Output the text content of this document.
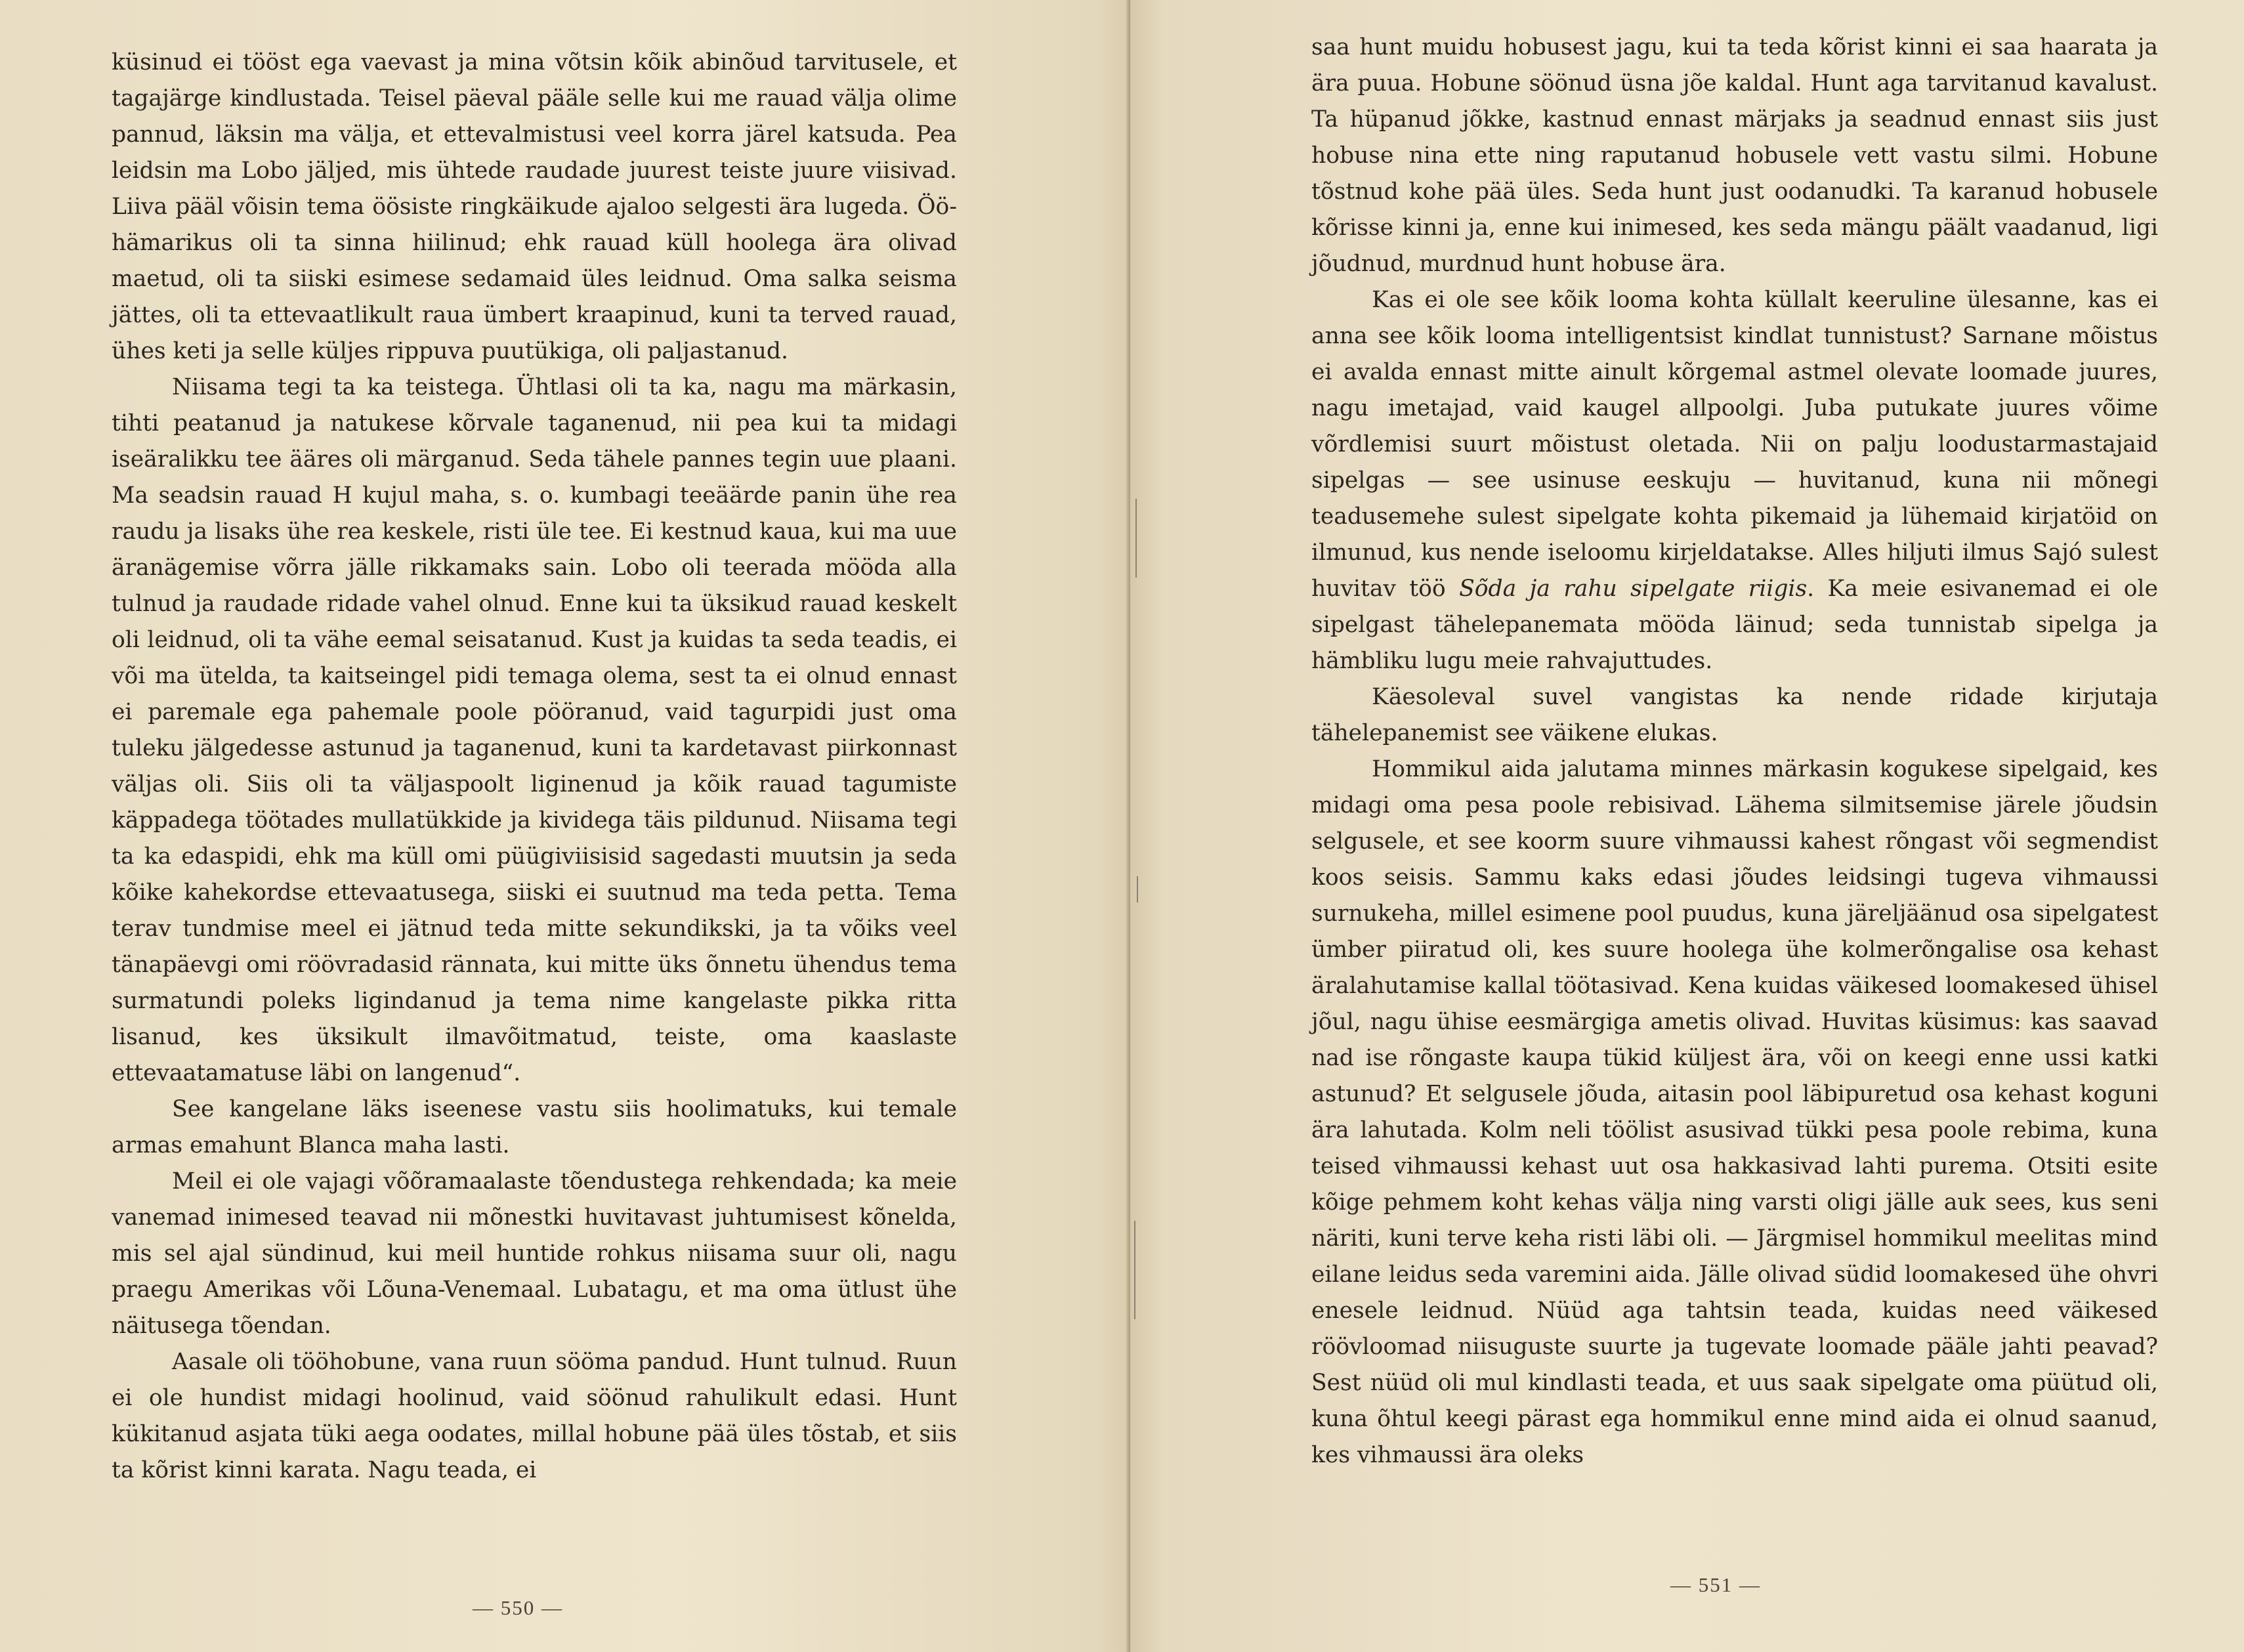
küsinud ei tööst ega vaevast ja mina võtsin kõik abinõud tarvitusele, et tagajärge kindlustada. Teisel päeval pääle selle kui me rauad välja olime pannud, läksin ma välja, et ettevalmistusi veel korra järel katsuda. Pea leidsin ma Lobo jäljed, mis ühtede raudade juurest teiste juure viisivad. Liiva pääl võisin tema öösiste ringkäikude ajaloo selgesti ära lugeda. Öö-hämarikus oli ta sinna hiilinud; ehk rauad küll hoolega ära olivad maetud, oli ta siiski esimese sedamaid üles leidnud. Oma salka seisma jättes, oli ta ettevaatlikult raua ümbert kraapinud, kuni ta terved rauad, ühes keti ja selle küljes rippuva puutükiga, oli paljastanud.

Niisama tegi ta ka teistega. Ühtlasi oli ta ka, nagu ma märkasin, tihti peatanud ja natukese kõrvale taganenud, nii pea kui ta midagi iseäralikku tee ääres oli märganud. Seda tähele pannes tegin uue plaani. Ma seadsin rauad H kujul maha, s. o. kumbagi teeäärde panin ühe rea raudu ja lisaks ühe rea keskele, risti üle tee. Ei kestnud kaua, kui ma uue äranägemise võrra jälle rikkamaks sain. Lobo oli teerada mööda alla tulnud ja raudade ridade vahel olnud. Enne kui ta üksikud rauad keskelt oli leidnud, oli ta vähe eemal seisatanud. Kust ja kuidas ta seda teadis, ei või ma ütelda, ta kaitseingel pidi temaga olema, sest ta ei olnud ennast ei paremale ega pahemale poole pööranud, vaid tagurpidi just oma tuleku jälgedesse astunud ja taganenud, kuni ta kardetavast piirkonnast väljas oli. Siis oli ta väljaspoolt liginenud ja kõik rauad tagumiste käppadega töötades mullatükkide ja kividega täis pildunud. Niisama tegi ta ka edaspidi, ehk ma küll omi püügiviisisid sagedasti muutsin ja seda kõike kahekordse ettevaatusega, siiski ei suutnud ma teda petta. Tema terav tundmise meel ei jätnud teda mitte sekundikski, ja ta võiks veel tänapäevgi omi röövradasid rännata, kui mitte üks õnnetu ühendus tema surmatundi poleks ligindanud ja tema nime kangelaste pikka ritta lisanud, kes üksikult ilmavõitmatud, teiste, oma kaaslaste ettevaatamatuse läbi on langenud“.

See kangelane läks iseenese vastu siis hoolimatuks, kui temale armas emahunt Blanca maha lasti.

Meil ei ole vajagi võõramaalaste tõendustega rehkendada; ka meie vanemad inimesed teavad nii mõnestki huvitavast juhtumisest kõnelda, mis sel ajal sündinud, kui meil huntide rohkus niisama suur oli, nagu praegu Amerikas või Lõuna-Venemaal. Lubatagu, et ma oma ütlust ühe näitusega tõendan.

Aasale oli tööhobune, vana ruun sööma pandud. Hunt tulnud. Ruun ei ole hundist midagi hoolinud, vaid söönud rahulikult edasi. Hunt kükitanud asjata tüki aega oodates, millal hobune pää üles tõstab, et siis ta kõrist kinni karata. Nagu teada, ei

— 550 —

saa hunt muidu hobusest jagu, kui ta teda kõrist kinni ei saa haarata ja ära puua. Hobune söönud üsna jõe kaldal. Hunt aga tarvitanud kavalust. Ta hüpanud jõkke, kastnud ennast märjaks ja seadnud ennast siis just hobuse nina ette ning raputanud hobusele vett vastu silmi. Hobune tõstnud kohe pää üles. Seda hunt just oodanudki. Ta karanud hobusele kõrisse kinni ja, enne kui inimesed, kes seda mängu päält vaadanud, ligi jõudnud, murdnud hunt hobuse ära.

Kas ei ole see kõik looma kohta küllalt keeruline ülesanne, kas ei anna see kõik looma intelligentsist kindlat tunnistust? Sarnane mõistus ei avalda ennast mitte ainult kõrgemal astmel olevate loomade juures, nagu imetajad, vaid kaugel allpoolgi. Juba putukate juures võime võrdlemisi suurt mõistust oletada. Nii on palju loodustarmastajaid sipelgas — see usinuse eeskuju — huvitanud, kuna nii mõnegi teadusemehe sulest sipelgate kohta pikemaid ja lühemaid kirjatöid on ilmunud, kus nende iseloomu kirjeldatakse. Alles hiljuti ilmus Sajó sulest huvitav töö Sõda ja rahu sipelgate riigis. Ka meie esivanemad ei ole sipelgast tähelepanemata mööda läinud; seda tunnistab sipelga ja hämbliku lugu meie rahvajuttudes.

Käesoleval suvel vangistas ka nende ridade kirjutaja tähelepanemist see väikene elukas.

Hommikul aida jalutama minnes märkasin kogukese sipelgaid, kes midagi oma pesa poole rebisivad. Lähema silmitsemise järele jõudsin selgusele, et see koorm suure vihmaussi kahest rõngast või segmendist koos seisis. Sammu kaks edasi jõudes leidsingi tugeva vihmaussi surnukeha, millel esimene pool puudus, kuna järeljäänud osa sipelgatest ümber piiratud oli, kes suure hoolega ühe kolmerõngalise osa kehast äralahutamise kallal töötasivad. Kena kuidas väikesed loomakesed ühisel jõul, nagu ühise eesmärgiga ametis olivad. Huvitas küsimus: kas saavad nad ise rõngaste kaupa tükid küljest ära, või on keegi enne ussi katki astunud? Et selgusele jõuda, aitasin pool läbipuretud osa kehast koguni ära lahutada. Kolm neli töölist asusivad tükki pesa poole rebima, kuna teised vihmaussi kehast uut osa hakkasivad lahti purema. Otsiti esite kõige pehmem koht kehas välja ning varsti oligi jälle auk sees, kus seni näriti, kuni terve keha risti läbi oli. — Järgmisel hommikul meelitas mind eilane leidus seda varemini aida. Jälle olivad südid loomakesed ühe ohvri enesele leidnud. Nüüd aga tahtsin teada, kuidas need väikesed röövloomad niisuguste suurte ja tugevate loomade pääle jahti peavad? Sest nüüd oli mul kindlasti teada, et uus saak sipelgate oma püütud oli, kuna õhtul keegi pärast ega hommikul enne mind aida ei olnud saanud, kes vihmaussi ära oleks

— 551 —
